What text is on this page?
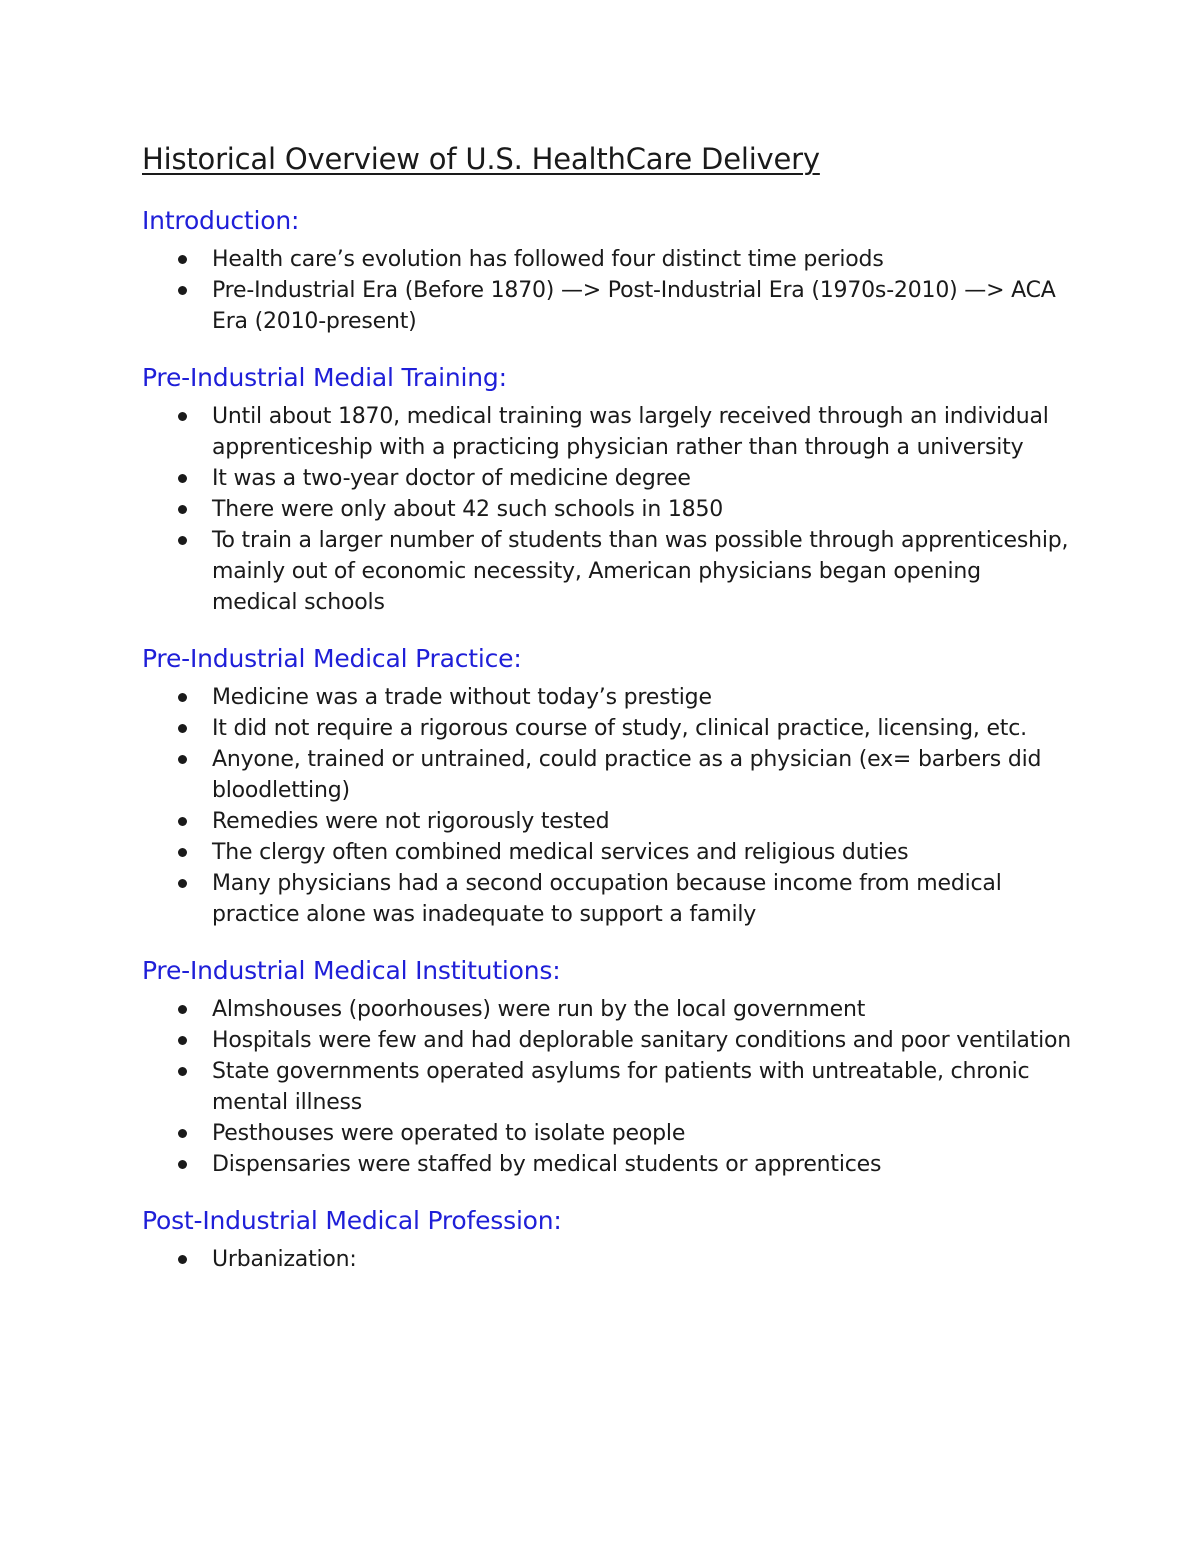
Historical Overview of U.S. HealthCare Delivery
Introduction:
Health care’s evolution has followed four distinct time periods
Pre-Industrial Era (Before 1870) —> Post-Industrial Era (1970s-2010) —> ACA Era (2010-present)
Pre-Industrial Medial Training:
Until about 1870, medical training was largely received through an individual apprenticeship with a practicing physician rather than through a university
It was a two-year doctor of medicine degree
There were only about 42 such schools in 1850
To train a larger number of students than was possible through apprenticeship, mainly out of economic necessity, American physicians began opening medical schools
Pre-Industrial Medical Practice:
Medicine was a trade without today’s prestige
It did not require a rigorous course of study, clinical practice, licensing, etc.
Anyone, trained or untrained, could practice as a physician (ex= barbers did bloodletting)
Remedies were not rigorously tested
The clergy often combined medical services and religious duties
Many physicians had a second occupation because income from medical practice alone was inadequate to support a family
Pre-Industrial Medical Institutions:
Almshouses (poorhouses) were run by the local government
Hospitals were few and had deplorable sanitary conditions and poor ventilation
State governments operated asylums for patients with untreatable, chronic mental illness
Pesthouses were operated to isolate people
Dispensaries were staffed by medical students or apprentices
Post-Industrial Medical Profession:
Urbanization:
